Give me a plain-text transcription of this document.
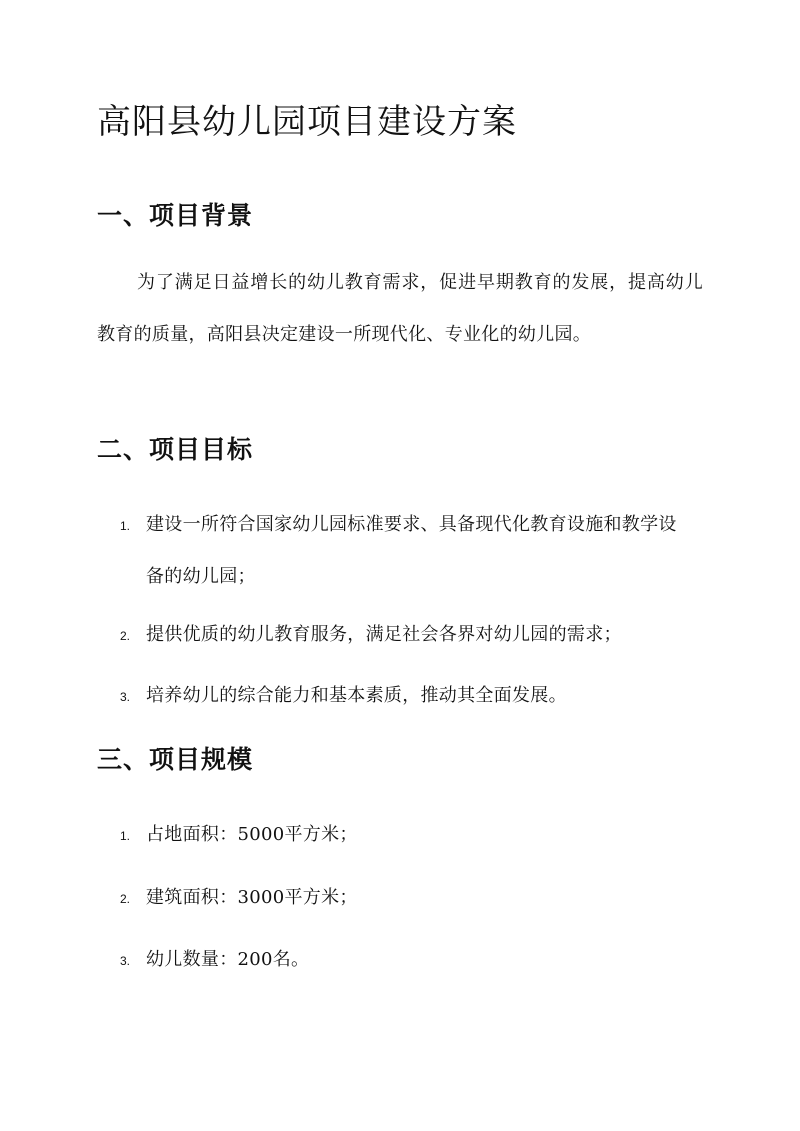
高阳县幼儿园项目建设方案
一、项目背景

为了满足日益增长的幼儿教育需求，促进早期教育的发展，提高幼儿教育的质量，高阳县决定建设一所现代化、专业化的幼儿园。

二、项目目标
1. 建设一所符合国家幼儿园标准要求、具备现代化教育设施和教学设备的幼儿园；
2. 提供优质的幼儿教育服务，满足社会各界对幼儿园的需求；
3. 培养幼儿的综合能力和基本素质，推动其全面发展。
三、项目规模
1. 占地面积：5000平方米；
2. 建筑面积：3000平方米；
3. 幼儿数量：200名。
